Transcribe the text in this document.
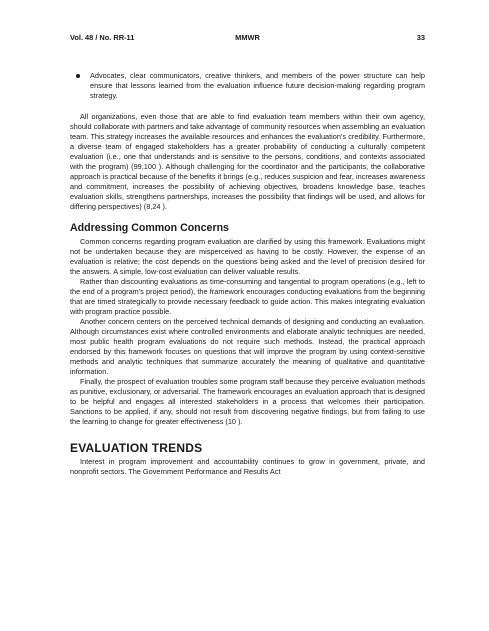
Vol. 48 / No. RR-11	MMWR	33

Advocates, clear communicators, creative thinkers, and members of the power structure can help ensure that lessons learned from the evaluation influence future decision-making regarding program strategy.

All organizations, even those that are able to find evaluation team members within their own agency, should collaborate with partners and take advantage of community resources when assembling an evaluation team. This strategy increases the available resources and enhances the evaluation's credibility. Furthermore, a diverse team of engaged stakeholders has a greater probability of conducting a culturally competent evaluation (i.e., one that understands and is sensitive to the persons, conditions, and contexts associated with the program) (99,100 ). Although challenging for the coordinator and the participants, the collaborative approach is practical because of the benefits it brings (e.g., reduces suspicion and fear, increases awareness and commitment, increases the possibility of achieving objectives, broadens knowledge base, teaches evaluation skills, strengthens partnerships, increases the possibility that findings will be used, and allows for differing perspectives) (8,24 ).

Addressing Common Concerns

Common concerns regarding program evaluation are clarified by using this framework. Evaluations might not be undertaken because they are misperceived as having to be costly. However, the expense of an evaluation is relative; the cost depends on the questions being asked and the level of precision desired for the answers. A simple, low-cost evaluation can deliver valuable results.

Rather than discounting evaluations as time-consuming and tangential to program operations (e.g., left to the end of a program's project period), the framework encourages conducting evaluations from the beginning that are timed strategically to provide necessary feedback to guide action. This makes integrating evaluation with program practice possible.

Another concern centers on the perceived technical demands of designing and conducting an evaluation. Although circumstances exist where controlled environments and elaborate analytic techniques are needed, most public health program evaluations do not require such methods. Instead, the practical approach endorsed by this framework focuses on questions that will improve the program by using context-sensitive methods and analytic techniques that summarize accurately the meaning of qualitative and quantitative information.

Finally, the prospect of evaluation troubles some program staff because they perceive evaluation methods as punitive, exclusionary, or adversarial. The framework encourages an evaluation approach that is designed to be helpful and engages all interested stakeholders in a process that welcomes their participation. Sanctions to be applied, if any, should not result from discovering negative findings, but from failing to use the learning to change for greater effectiveness (10 ).

EVALUATION TRENDS

Interest in program improvement and accountability continues to grow in government, private, and nonprofit sectors. The Government Performance and Results Act
